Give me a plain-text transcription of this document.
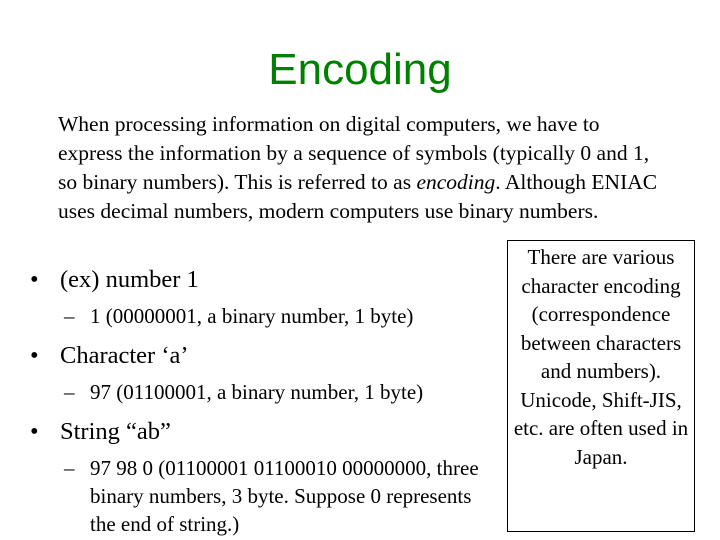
Encoding
When processing information on digital computers, we have to express the information by a sequence of symbols (typically 0 and 1, so binary numbers). This is referred to as encoding. Although ENIAC uses decimal numbers, modern computers use binary numbers.
• (ex) number 1
– 1 (00000001, a binary number, 1 byte)
• Character ‘a’
– 97 (01100001, a binary number, 1 byte)
• String “ab”
– 97 98 0 (01100001 01100010 00000000, three binary numbers, 3 byte. Suppose 0 represents the end of string.)
There are various character encoding (correspondence between characters and numbers). Unicode, Shift-JIS, etc. are often used in Japan.
